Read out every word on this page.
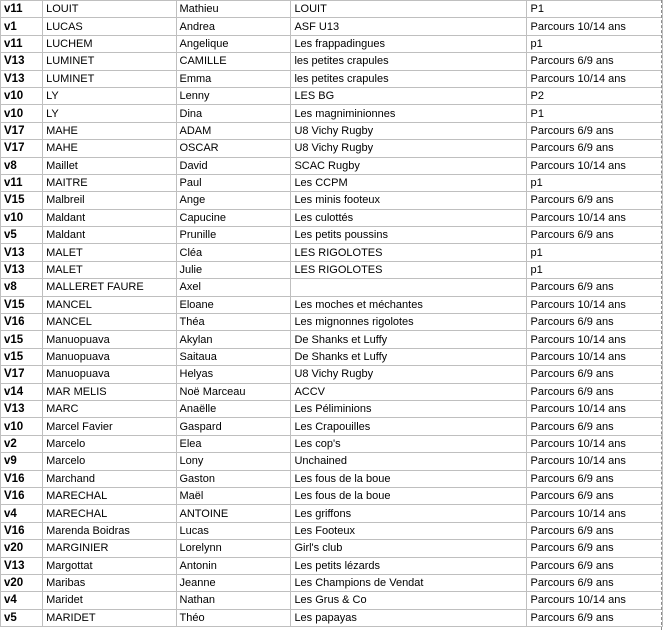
v11	LOUIT	Mathieu	LOUIT	P1
v1	LUCAS	Andrea	ASF U13	Parcours 10/14 ans
v11	LUCHEM	Angelique	Les frappadingues	p1
V13	LUMINET	CAMILLE	les petites crapules	Parcours 6/9 ans
V13	LUMINET	Emma	les petites crapules	Parcours 10/14 ans
v10	LY	Lenny	LES BG	P2
v10	LY	Dina	Les magniminionnes	P1
V17	MAHE	ADAM	U8 Vichy Rugby	Parcours 6/9 ans
V17	MAHE	OSCAR	U8 Vichy Rugby	Parcours 6/9 ans
v8	Maillet	David	SCAC Rugby	Parcours 10/14 ans
v11	MAITRE	Paul	Les CCPM	p1
V15	Malbreil	Ange	Les minis footeux	Parcours 6/9 ans
v10	Maldant	Capucine	Les culottés	Parcours 10/14 ans
v5	Maldant	Prunille	Les petits poussins	Parcours 6/9 ans
V13	MALET	Cléa	LES RIGOLOTES	p1
V13	MALET	Julie	LES RIGOLOTES	p1
v8	MALLERET FAURE	Axel		Parcours 6/9 ans
V15	MANCEL	Eloane	Les moches et méchantes	Parcours 10/14 ans
V16	MANCEL	Théa	Les mignonnes rigolotes	Parcours 6/9 ans
v15	Manuopuava	Akylan	De Shanks et Luffy	Parcours 10/14 ans
v15	Manuopuava	Saitaua	De Shanks et Luffy	Parcours 10/14 ans
V17	Manuopuava	Helyas	U8 Vichy Rugby	Parcours 6/9 ans
v14	MAR MELIS	Noë Marceau	ACCV	Parcours 6/9 ans
V13	MARC	Anaëlle	Les Péliminions	Parcours 10/14 ans
v10	Marcel Favier	Gaspard	Les Crapouilles	Parcours 6/9 ans
v2	Marcelo	Elea	Les cop's	Parcours 10/14 ans
v9	Marcelo	Lony	Unchained	Parcours 10/14 ans
V16	Marchand	Gaston	Les fous de la boue	Parcours 6/9 ans
V16	MARECHAL	Maël	Les fous de la boue	Parcours 6/9 ans
v4	MARECHAL	ANTOINE	Les griffons	Parcours 10/14 ans
V16	Marenda Boidras	Lucas	Les Footeux	Parcours 6/9 ans
v20	MARGINIER	Lorelynn	Girl's club	Parcours 6/9 ans
V13	Margottat	Antonin	Les petits lézards	Parcours 6/9 ans
v20	Maribas	Jeanne	Les Champions de Vendat	Parcours 6/9 ans
v4	Maridet	Nathan	Les Grus & Co	Parcours 10/14 ans
v5	MARIDET	Théo	Les papayas	Parcours 6/9 ans
